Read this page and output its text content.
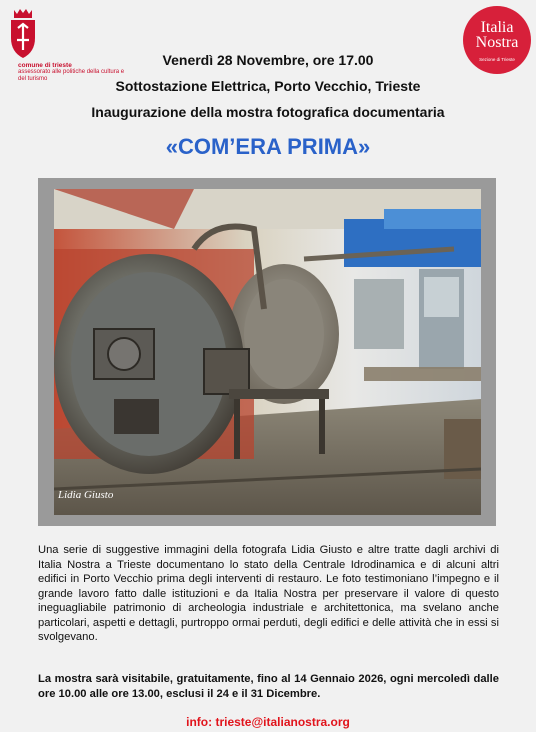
comune di trieste
assessorato alle politiche della cultura e del turismo
Italia
Nostra
Sezione di Trieste
Venerdì 28 Novembre, ore 17.00
Sottostazione Elettrica, Porto Vecchio, Trieste
Inaugurazione della mostra fotografica documentaria
«COM’ERA PRIMA»
Lidia Giusto
Una serie di suggestive immagini della fotografa Lidia Giusto e altre tratte dagli archivi di Italia Nostra a Trieste documentano lo stato della Centrale Idrodinamica e di alcuni altri edifici in Porto Vecchio prima degli interventi di restauro. Le foto testimoniano l’impegno e il grande lavoro fatto dalle istituzioni e da Italia Nostra per preservare il valore di questo ineguagliabile patrimonio di archeologia industriale e architettonica, ma svelano anche particolari, aspetti e dettagli, purtroppo ormai perduti, degli edifici e delle attività che in essi si svolgevano.
La mostra sarà visitabile, gratuitamente, fino al 14 Gennaio 2026, ogni mercoledì dalle ore 10.00 alle ore 13.00, esclusi il 24 e il 31 Dicembre.
info: trieste@italianostra.org
